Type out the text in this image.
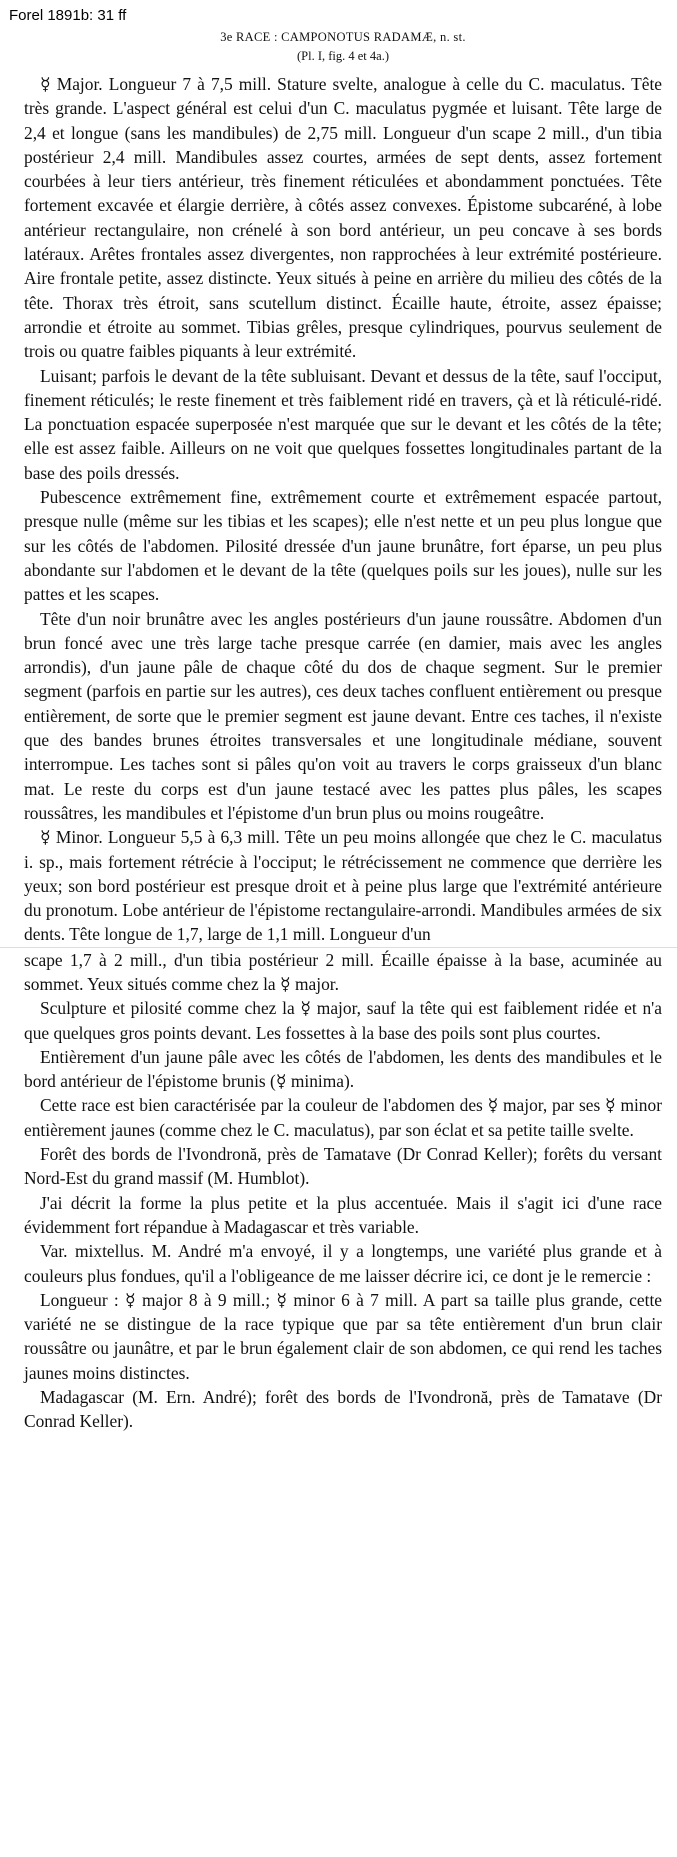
Forel 1891b: 31 ff
3e RACE : CAMPONOTUS RADAMÆ, n. st.
(Pl. I, fig. 4 et 4a.)

☿ Major. Longueur 7 à 7,5 mill. Stature svelte, analogue à celle du C. maculatus. Tête très grande. L'aspect général est celui d'un C. maculatus pygmée et luisant. Tête large de 2,4 et longue (sans les mandibules) de 2,75 mill. Longueur d'un scape 2 mill., d'un tibia postérieur 2,4 mill. Mandibules assez courtes, armées de sept dents, assez fortement courbées à leur tiers antérieur, très finement réticulées et abondamment ponctuées. Tête fortement excavée et élargie derrière, à côtés assez convexes. Épistome subcaréné, à lobe antérieur rectangulaire, non crénelé à son bord antérieur, un peu concave à ses bords latéraux. Arêtes frontales assez divergentes, non rapprochées à leur extrémité postérieure. Aire frontale petite, assez distincte. Yeux situés à peine en arrière du milieu des côtés de la tête. Thorax très étroit, sans scutellum distinct. Écaille haute, étroite, assez épaisse; arrondie et étroite au sommet. Tibias grêles, presque cylindriques, pourvus seulement de trois ou quatre faibles piquants à leur extrémité.

Luisant; parfois le devant de la tête subluisant. Devant et dessus de la tête, sauf l'occiput, finement réticulés; le reste finement et très faiblement ridé en travers, çà et là réticulé-ridé. La ponctuation espacée superposée n'est marquée que sur le devant et les côtés de la tête; elle est assez faible. Ailleurs on ne voit que quelques fossettes longitudinales partant de la base des poils dressés.

Pubescence extrêmement fine, extrêmement courte et extrêmement espacée partout, presque nulle (même sur les tibias et les scapes); elle n'est nette et un peu plus longue que sur les côtés de l'abdomen. Pilosité dressée d'un jaune brunâtre, fort éparse, un peu plus abondante sur l'abdomen et le devant de la tête (quelques poils sur les joues), nulle sur les pattes et les scapes.

Tête d'un noir brunâtre avec les angles postérieurs d'un jaune roussâtre. Abdomen d'un brun foncé avec une très large tache presque carrée (en damier, mais avec les angles arrondis), d'un jaune pâle de chaque côté du dos de chaque segment. Sur le premier segment (parfois en partie sur les autres), ces deux taches confluent entièrement ou presque entièrement, de sorte que le premier segment est jaune devant. Entre ces taches, il n'existe que des bandes brunes étroites transversales et une longitudinale médiane, souvent interrompue. Les taches sont si pâles qu'on voit au travers le corps graisseux d'un blanc mat. Le reste du corps est d'un jaune testacé avec les pattes plus pâles, les scapes roussâtres, les mandibules et l'épistome d'un brun plus ou moins rougeâtre.

☿ Minor. Longueur 5,5 à 6,3 mill. Tête un peu moins allongée que chez le C. maculatus i. sp., mais fortement rétrécie à l'occiput; le rétrécissement ne commence que derrière les yeux; son bord postérieur est presque droit et à peine plus large que l'extrémité antérieure du pronotum. Lobe antérieur de l'épistome rectangulaire-arrondi. Mandibules armées de six dents. Tête longue de 1,7, large de 1,1 mill. Longueur d'un

scape 1,7 à 2 mill., d'un tibia postérieur 2 mill. Écaille épaisse à la base, acuminée au sommet. Yeux situés comme chez la ☿ major.

Sculpture et pilosité comme chez la ☿ major, sauf la tête qui est faiblement ridée et n'a que quelques gros points devant. Les fossettes à la base des poils sont plus courtes.

Entièrement d'un jaune pâle avec les côtés de l'abdomen, les dents des mandibules et le bord antérieur de l'épistome brunis (☿ minima).

Cette race est bien caractérisée par la couleur de l'abdomen des ☿ major, par ses ☿ minor entièrement jaunes (comme chez le C. maculatus), par son éclat et sa petite taille svelte.

Forêt des bords de l'Ivondronă, près de Tamatave (Dr Conrad Keller); forêts du versant Nord-Est du grand massif (M. Humblot).

J'ai décrit la forme la plus petite et la plus accentuée. Mais il s'agit ici d'une race évidemment fort répandue à Madagascar et très variable.

Var. mixtellus. M. André m'a envoyé, il y a longtemps, une variété plus grande et à couleurs plus fondues, qu'il a l'obligeance de me laisser décrire ici, ce dont je le remercie :

Longueur : ☿ major 8 à 9 mill.; ☿ minor 6 à 7 mill. A part sa taille plus grande, cette variété ne se distingue de la race typique que par sa tête entièrement d'un brun clair roussâtre ou jaunâtre, et par le brun également clair de son abdomen, ce qui rend les taches jaunes moins distinctes.

Madagascar (M. Ern. André); forêt des bords de l'Ivondronă, près de Tamatave (Dr Conrad Keller).
